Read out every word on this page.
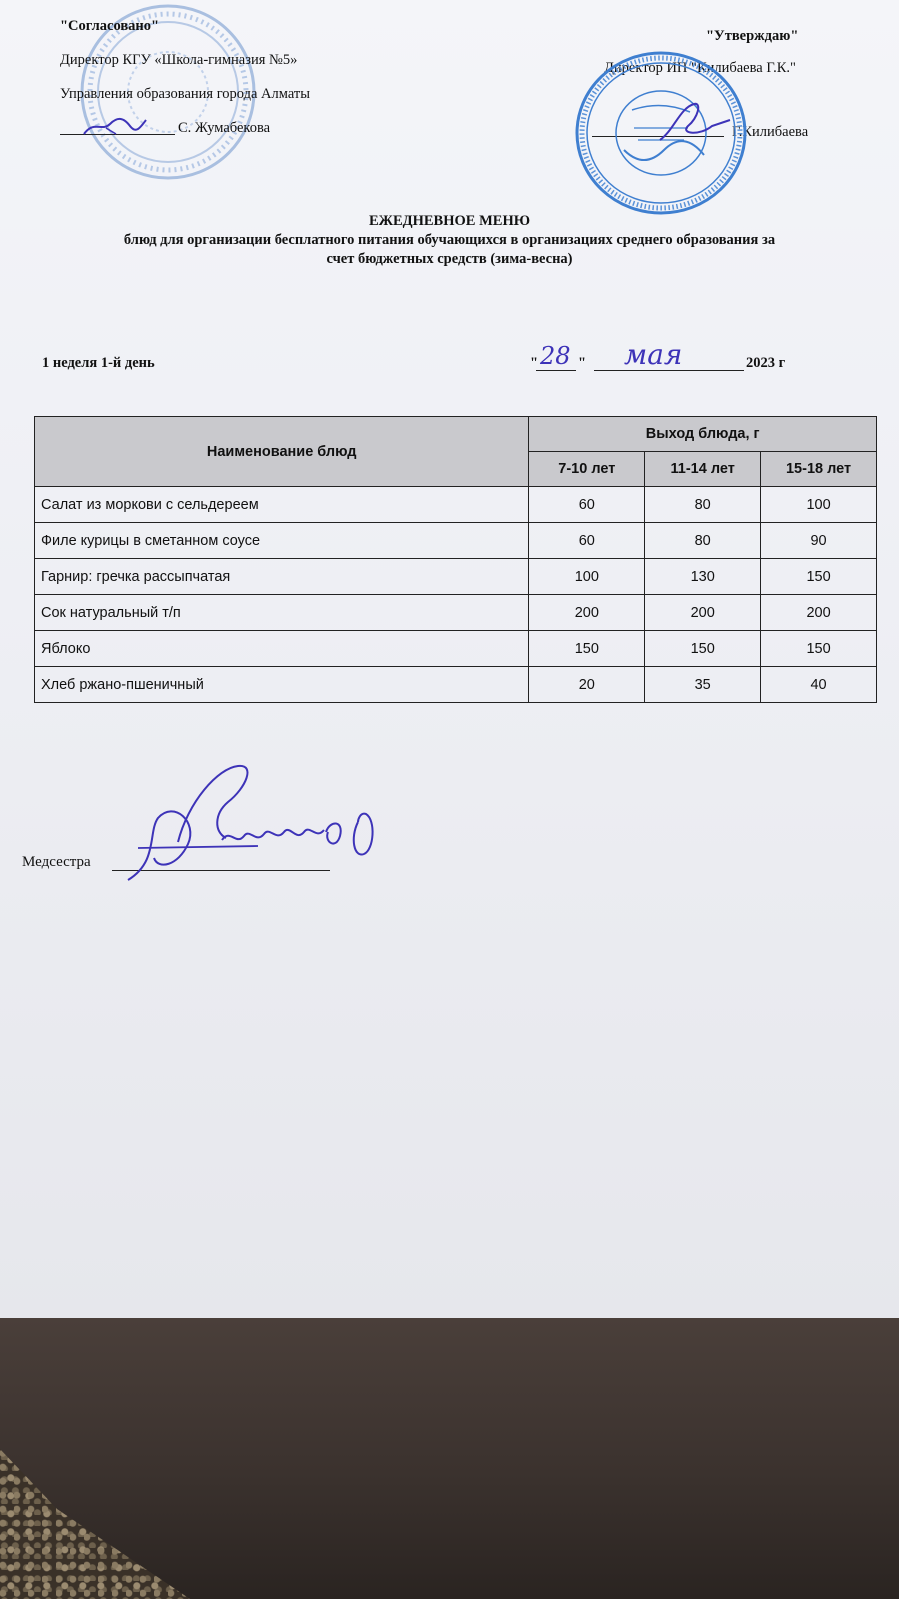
"Согласовано"
Директор КГУ «Школа-гимназия №5»
Управления образования города Алматы
С. Жумабекова
"Утверждаю"
Директор ИП "Килибаева Г.К."
Г.Килибаева
ЕЖЕДНЕВНОЕ МЕНЮ
блюд для организации бесплатного питания обучающихся в организациях среднего образования за
счет бюджетных средств (зима-весна)
1 неделя 1-й день	" 28 " мая	2023 г
Наименование блюд	Выход блюда, г		
	7-10 лет	11-14 лет	15-18 лет
Салат из моркови с сельдереем	60	80	100
Филе курицы в сметанном соусе	60	80	90
Гарнир: гречка рассыпчатая	100	130	150
Сок натуральный т/п	200	200	200
Яблоко	150	150	150
Хлеб ржано-пшеничный	20	35	40
Медсестра
